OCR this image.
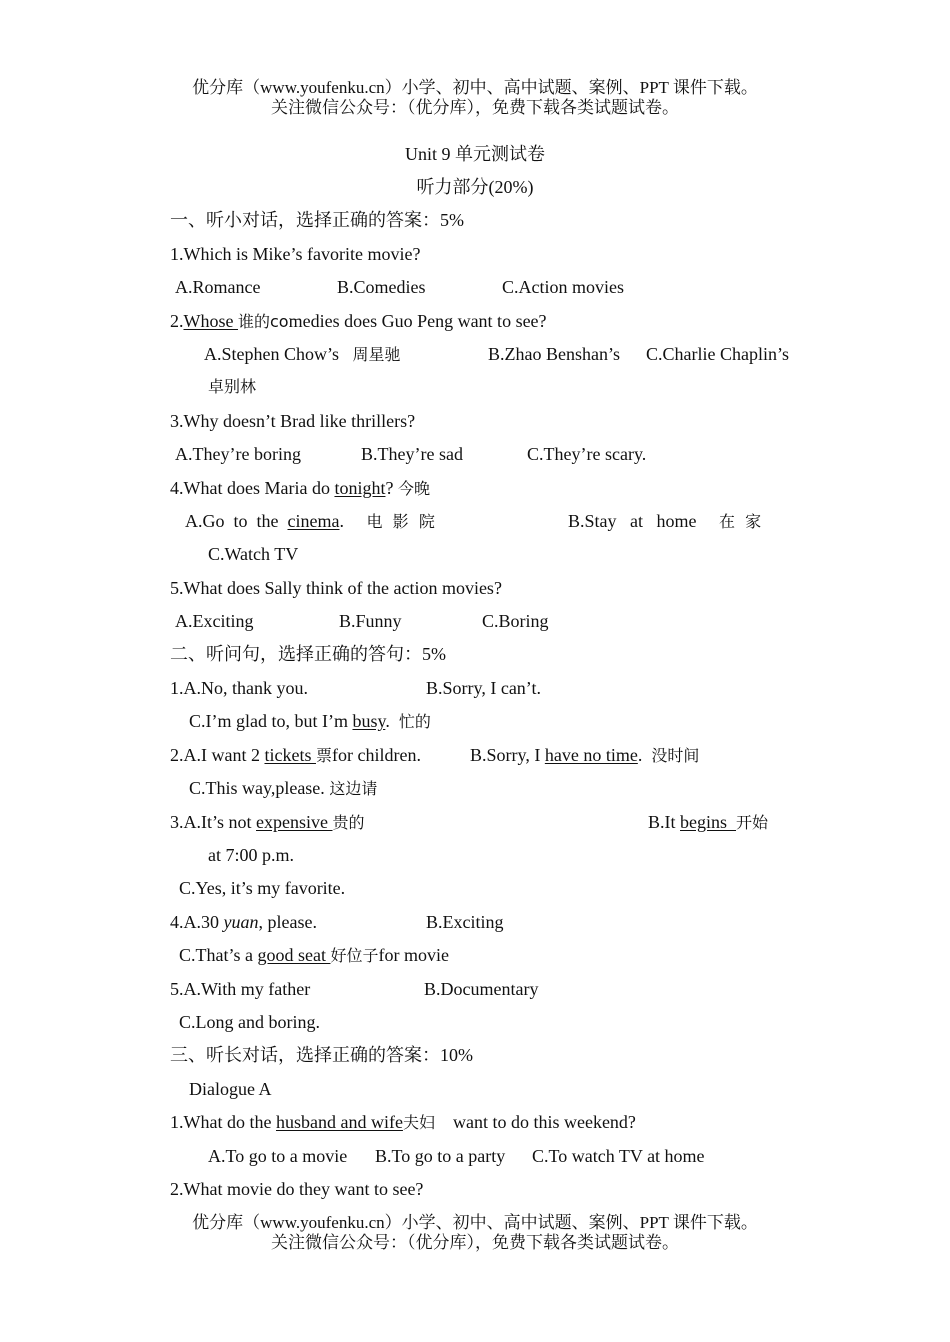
优分库（www.youfenku.cn）小学、初中、高中试题、案例、PPT 课件下载。
关注微信公众号：（优分库），免费下载各类试题试卷。
Unit 9 单元测试卷
听力部分(20%)
一、听小对话，选择正确的答案：5%
1.Which is Mike’s favorite movie?
A.Romance	B.Comedies	C.Action movies
2.Whose 谁的comedies does Guo Peng want to see?
A.Stephen Chow’s 周星驰	B.Zhao Benshan’s C.Charlie Chaplin’s
卓别林
3.Why doesn’t Brad like thrillers?
A.They’re boring	B.They’re sad	C.They’re scary.
4.What does Maria do tonight? 今晚
A.Go  to  the  cinema. 电  影  院	B.Stay   at   home 在  家
C.Watch TV
5.What does Sally think of the action movies?
A.Exciting	B.Funny	C.Boring
二、听问句，选择正确的答句：5%
1.A.No, thank you.	B.Sorry, I can’t.
C.I’m glad to, but I’m busy. 忙的
2.A.I want 2 tickets 票for children.	B.Sorry, I have no time. 没时间
C.This way,please. 这边请
3.A.It’s not expensive 贵的	B.It begins  开始
at 7:00 p.m.
C.Yes, it’s my favorite.
4.A.30 yuan, please.	B.Exciting
C.That’s a good seat 好位子for movie
5.A.With my father	B.Documentary
C.Long and boring.
三、听长对话，选择正确的答案：10%
Dialogue A
1.What do the husband and wife夫妇 want to do this weekend?
A.To go to a movie B.To go to a party C.To watch TV at home
2.What movie do they want to see?
优分库（www.youfenku.cn）小学、初中、高中试题、案例、PPT 课件下载。
关注微信公众号：（优分库），免费下载各类试题试卷。
